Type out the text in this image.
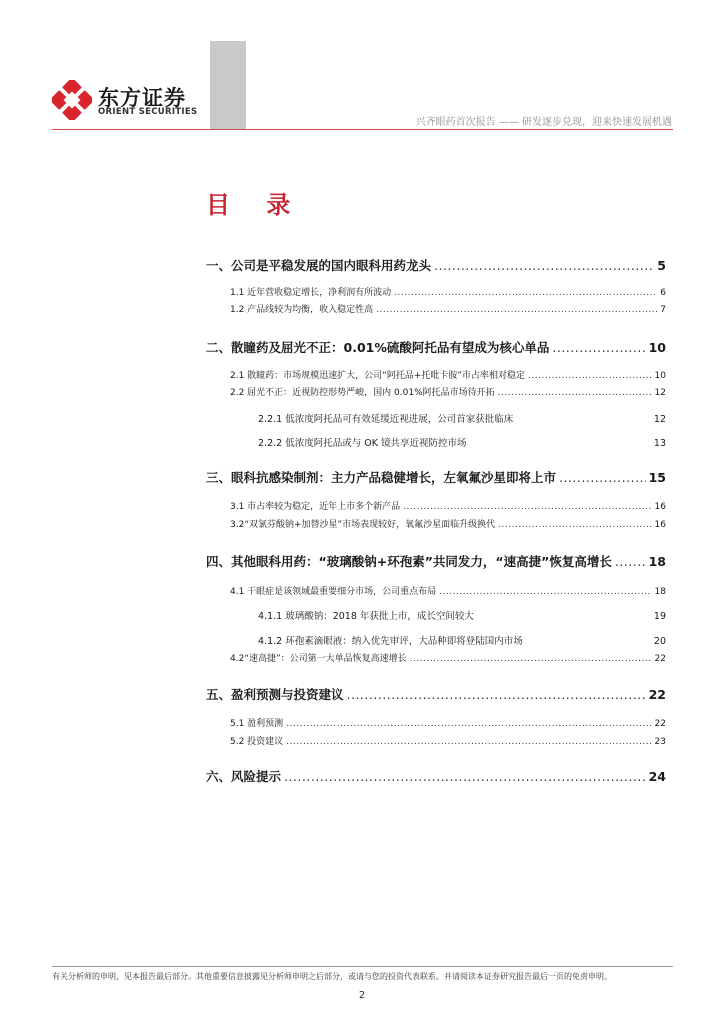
东方证券
ORIENT SECURITIES
兴齐眼药首次报告 —— 研发逐步兑现，迎来快速发展机遇
目 录
一、公司是平稳发展的国内眼科用药龙头 .....	5
1.1 近年营收稳定增长，净利润有所波动 .....	6
1.2 产品线较为均衡，收入稳定性高 .....	7
二、散瞳药及屈光不正：0.01%硫酸阿托品有望成为核心单品 .....	10
2.1 散瞳药：市场规模迅速扩大，公司“阿托品+托吡卡胺”市占率相对稳定 .....	10
2.2 屈光不正：近视防控形势严峻，国内 0.01%阿托品市场待开拓 .....	12
2.2.1 低浓度阿托品可有效延缓近视进展，公司首家获批临床	12
2.2.2 低浓度阿托品或与 OK 镜共享近视防控市场	13
三、眼科抗感染制剂：主力产品稳健增长，左氧氟沙星即将上市 .....	15
3.1 市占率较为稳定，近年上市多个新产品 .....	16
3.2“双氯芬酸钠+加替沙星”市场表现较好，氧氟沙星面临升级换代 .....	16
四、其他眼科用药：“玻璃酸钠+环孢素”共同发力，“速高捷”恢复高增长 .....	18
4.1 干眼症是该领域最重要细分市场，公司重点布局 .....	18
4.1.1 玻璃酸钠：2018 年获批上市，成长空间较大	19
4.1.2 环孢素滴眼液：纳入优先审评，大品种即将登陆国内市场	20
4.2“速高捷”：公司第一大单品恢复高速增长 .....	22
五、盈利预测与投资建议 .....	22
5.1 盈利预测 .....	22
5.2 投资建议 .....	23
六、风险提示 .....	24
有关分析师的申明，见本报告最后部分。其他重要信息披露见分析师申明之后部分，或请与您的投资代表联系。并请阅读本证券研究报告最后一页的免责申明。
2
